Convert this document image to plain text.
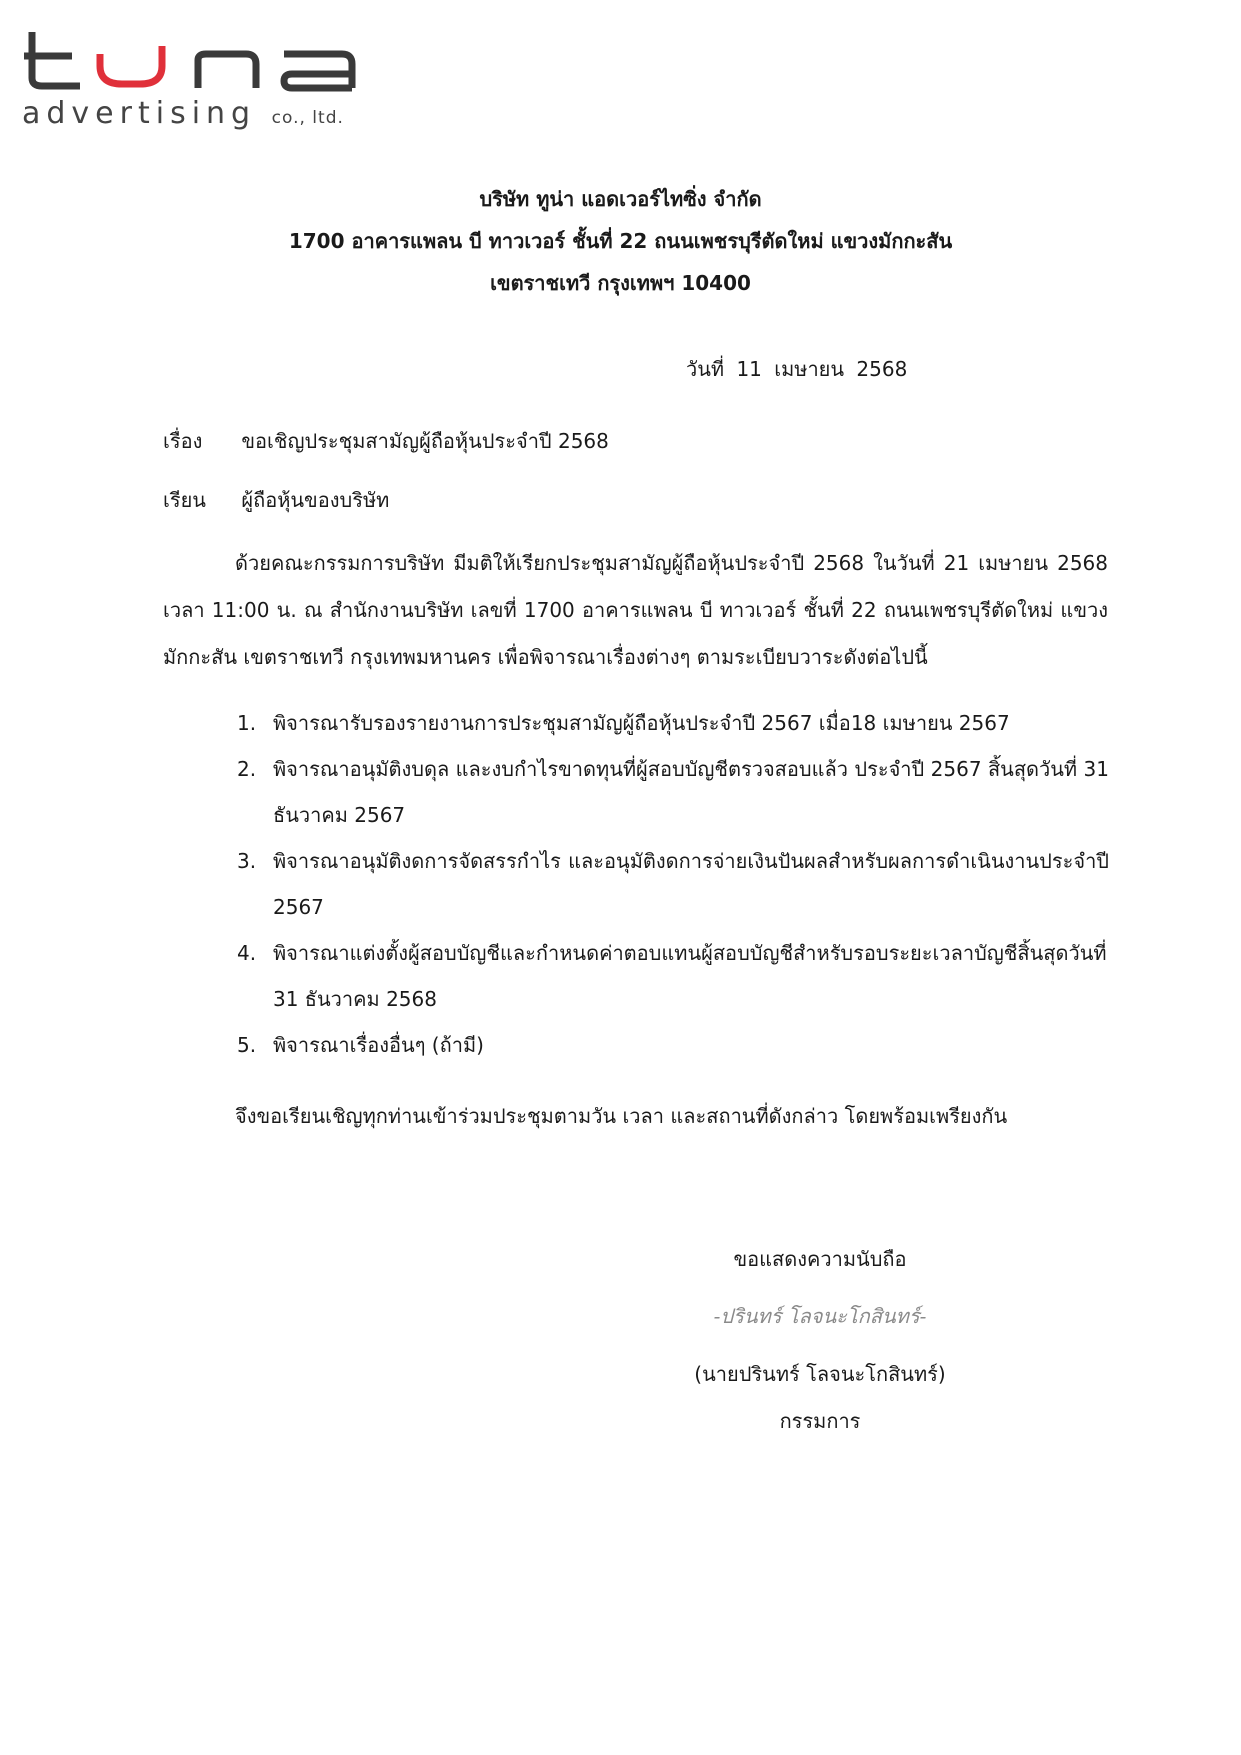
advertising co., ltd.
บริษัท ทูน่า แอดเวอร์ไทซิ่ง จำกัด
1700 อาคารแพลน บี ทาวเวอร์ ชั้นที่ 22 ถนนเพชรบุรีตัดใหม่ แขวงมักกะสัน
เขตราชเทวี กรุงเทพฯ 10400
วันที่ 11 เมษายน 2568
เรื่อง ขอเชิญประชุมสามัญผู้ถือหุ้นประจำปี 2568
เรียน ผู้ถือหุ้นของบริษัท
ด้วยคณะกรรมการบริษัท มีมติให้เรียกประชุมสามัญผู้ถือหุ้นประจำปี 2568 ในวันที่ 21 เมษายน 2568 เวลา 11:00 น. ณ สำนักงานบริษัท เลขที่ 1700 อาคารแพลน บี ทาวเวอร์ ชั้นที่ 22 ถนนเพชรบุรีตัดใหม่ แขวงมักกะสัน เขตราชเทวี กรุงเทพมหานคร เพื่อพิจารณาเรื่องต่างๆ ตามระเบียบวาระดังต่อไปนี้
1. พิจารณารับรองรายงานการประชุมสามัญผู้ถือหุ้นประจำปี 2567 เมื่อ18 เมษายน 2567
2. พิจารณาอนุมัติงบดุล และงบกำไรขาดทุนที่ผู้สอบบัญชีตรวจสอบแล้ว ประจำปี 2567 สิ้นสุดวันที่ 31 ธันวาคม 2567
3. พิจารณาอนุมัติงดการจัดสรรกำไร และอนุมัติงดการจ่ายเงินปันผลสำหรับผลการดำเนินงานประจำปี 2567
4. พิจารณาแต่งตั้งผู้สอบบัญชีและกำหนดค่าตอบแทนผู้สอบบัญชีสำหรับรอบระยะเวลาบัญชีสิ้นสุดวันที่ 31 ธันวาคม 2568
5. พิจารณาเรื่องอื่นๆ (ถ้ามี)
จึงขอเรียนเชิญทุกท่านเข้าร่วมประชุมตามวัน เวลา และสถานที่ดังกล่าว โดยพร้อมเพรียงกัน
ขอแสดงความนับถือ
-ปรินทร์ โลจนะโกสินทร์-
(นายปรินทร์ โลจนะโกสินทร์)
กรรมการ
